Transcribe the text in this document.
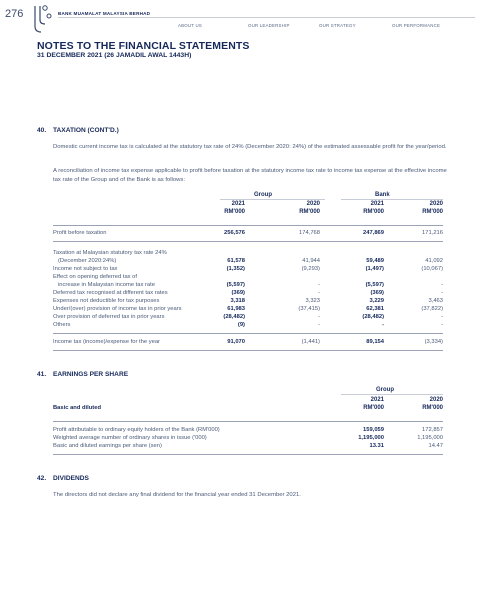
276	BANK MUAMALAT MALAYSIA BERHAD
ABOUT US	OUR LEADERSHIP	OUR STRATEGY	OUR PERFORMANCE
NOTES TO THE FINANCIAL STATEMENTS
31 DECEMBER 2021 (26 JAMADIL AWAL 1443H)
40. TAXATION (CONT'D.)
Domestic current income tax is calculated at the statutory tax rate of 24% (December 2020: 24%) of the estimated assessable profit for the year/period.
A reconciliation of income tax expense applicable to profit before taxation at the statutory income tax rate to income tax expense at the effective income tax rate of the Group and of the Bank is as follows:
Group	Bank
2021	2020	2021	2020
RM'000	RM'000	RM'000	RM'000
Profit before taxation	256,576	174,768	247,869	171,216
Taxation at Malaysian statutory tax rate 24%
(December 2020:24%)	61,578	41,944	59,489	41,092
Income not subject to tax	(1,352)	(9,293)	(1,497)	(10,067)
Effect on opening deferred tax of
increase in Malaysian income tax rate	(5,597)	-	(5,597)	-
Deferred tax recognised at different tax rates	(369)	-	(369)	-
Expenses not deductible for tax purposes	3,318	3,323	3,229	3,463
Under/(over) provision of income tax in prior years	61,983	(37,415)	62,381	(37,822)
Over provision of deferred tax in prior years	(28,482)	-	(28,482)	-
Others	(9)	-	-	-
Income tax (income)/expense for the year	91,070	(1,441)	89,154	(3,334)
41. EARNINGS PER SHARE
Group
2021	2020
RM'000	RM'000
Basic and diluted
Profit attributable to ordinary equity holders of the Bank (RM'000)	159,059	172,857
Weighted average number of ordinary shares in issue ('000)	1,195,000	1,195,000
Basic and diluted earnings per share (sen)	13.31	14.47
42. DIVIDENDS
The directors did not declare any final dividend for the financial year ended 31 December 2021.
